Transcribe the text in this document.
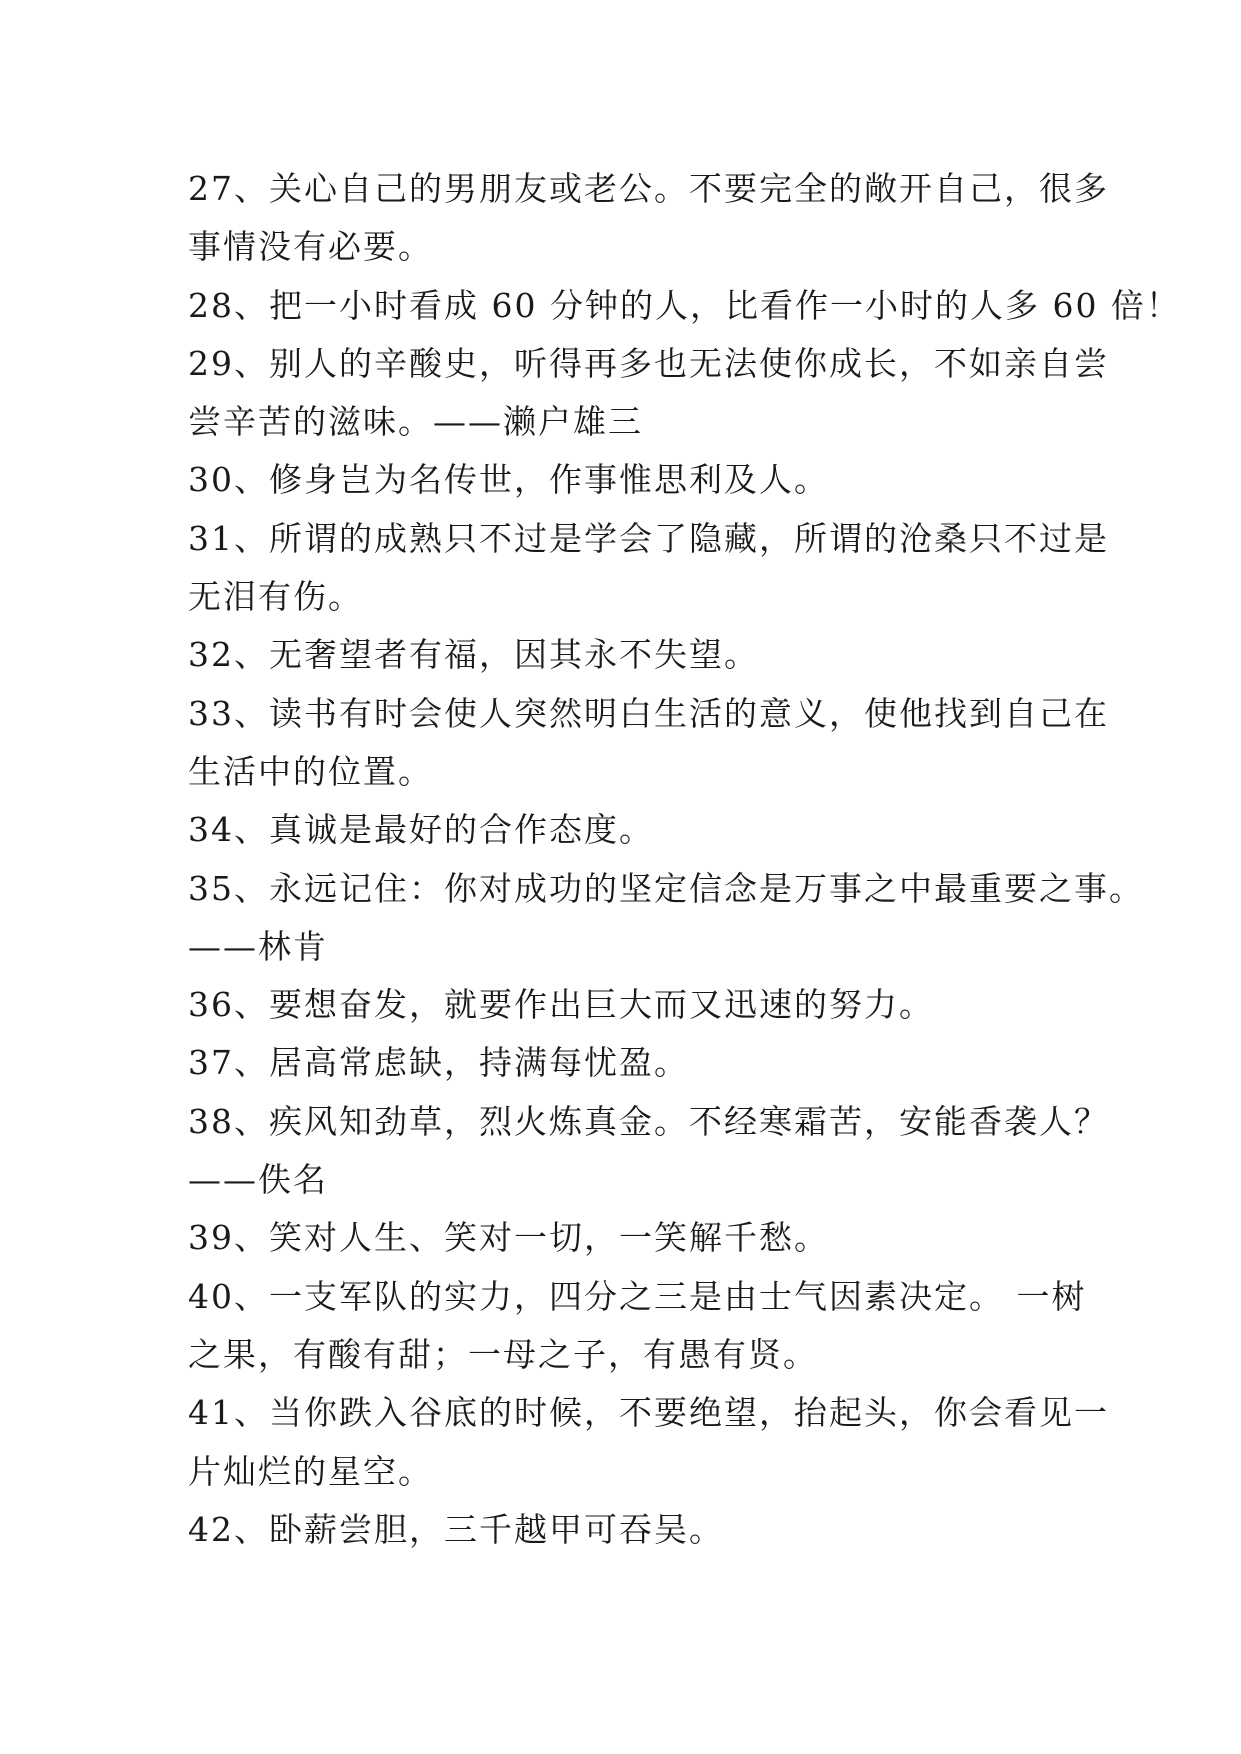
27、关心自己的男朋友或老公。不要完全的敞开自己，很多
事情没有必要。
28、把一小时看成 60 分钟的人，比看作一小时的人多 60 倍！
29、别人的辛酸史，听得再多也无法使你成长，不如亲自尝
尝辛苦的滋味。——濑户雄三
30、修身岂为名传世，作事惟思利及人。
31、所谓的成熟只不过是学会了隐藏，所谓的沧桑只不过是
无泪有伤。
32、无奢望者有福，因其永不失望。
33、读书有时会使人突然明白生活的意义，使他找到自己在
生活中的位置。
34、真诚是最好的合作态度。
35、永远记住：你对成功的坚定信念是万事之中最重要之事。
——林肯
36、要想奋发，就要作出巨大而又迅速的努力。
37、居高常虑缺，持满每忧盈。
38、疾风知劲草，烈火炼真金。不经寒霜苦，安能香袭人？
——佚名
39、笑对人生、笑对一切，一笑解千愁。
40、一支军队的实力，四分之三是由士气因素决定。 一树
之果，有酸有甜；一母之子，有愚有贤。
41、当你跌入谷底的时候，不要绝望，抬起头，你会看见一
片灿烂的星空。
42、卧薪尝胆，三千越甲可吞吴。
